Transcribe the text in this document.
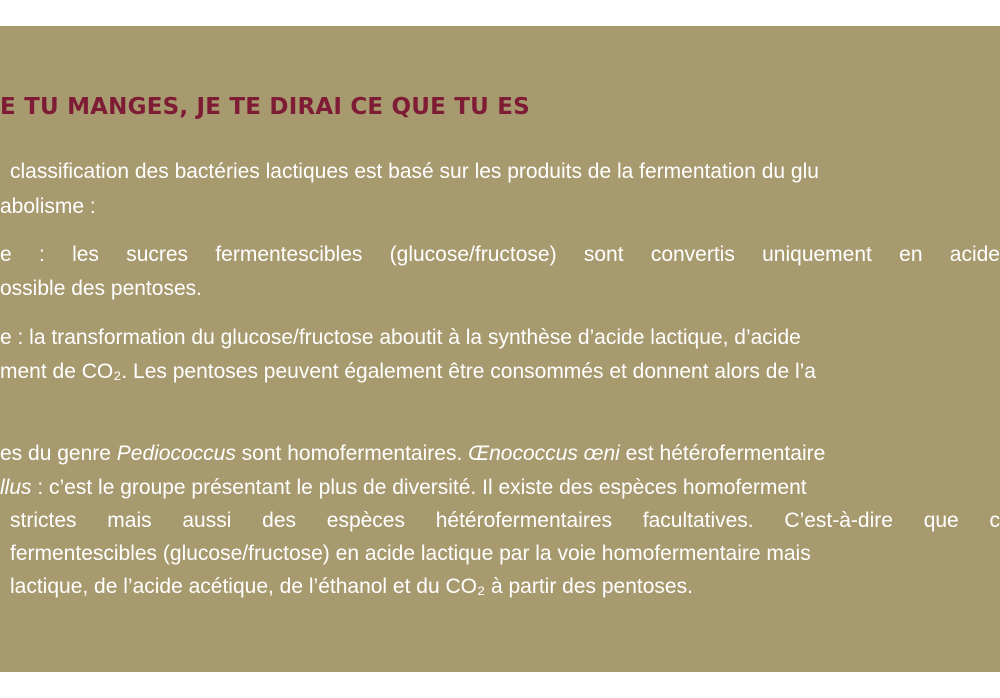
E TU MANGES, JE TE DIRAI CE QUE TU ES
classification des bactéries lactiques est basé sur les produits de la fermentation du glu
abolisme :
e : les sucres fermentescibles (glucose/fructose) sont convertis uniquement en acide
ossible des pentoses.
e : la transformation du glucose/fructose aboutit à la synthèse d’acide lactique, d’acide
ment de CO₂. Les pentoses peuvent également être consommés et donnent alors de l’a
es du genre Pediococcus sont homofermentaires. Œnococcus œni est hétérofermentaire
llus : c’est le groupe présentant le plus de diversité. Il existe des espèces homoferment
strictes mais aussi des espèces hétérofermentaires facultatives. C’est-à-dire que c
fermentescibles (glucose/fructose) en acide lactique par la voie homofermentaire mais
lactique, de l’acide acétique, de l’éthanol et du CO₂ à partir des pentoses.
